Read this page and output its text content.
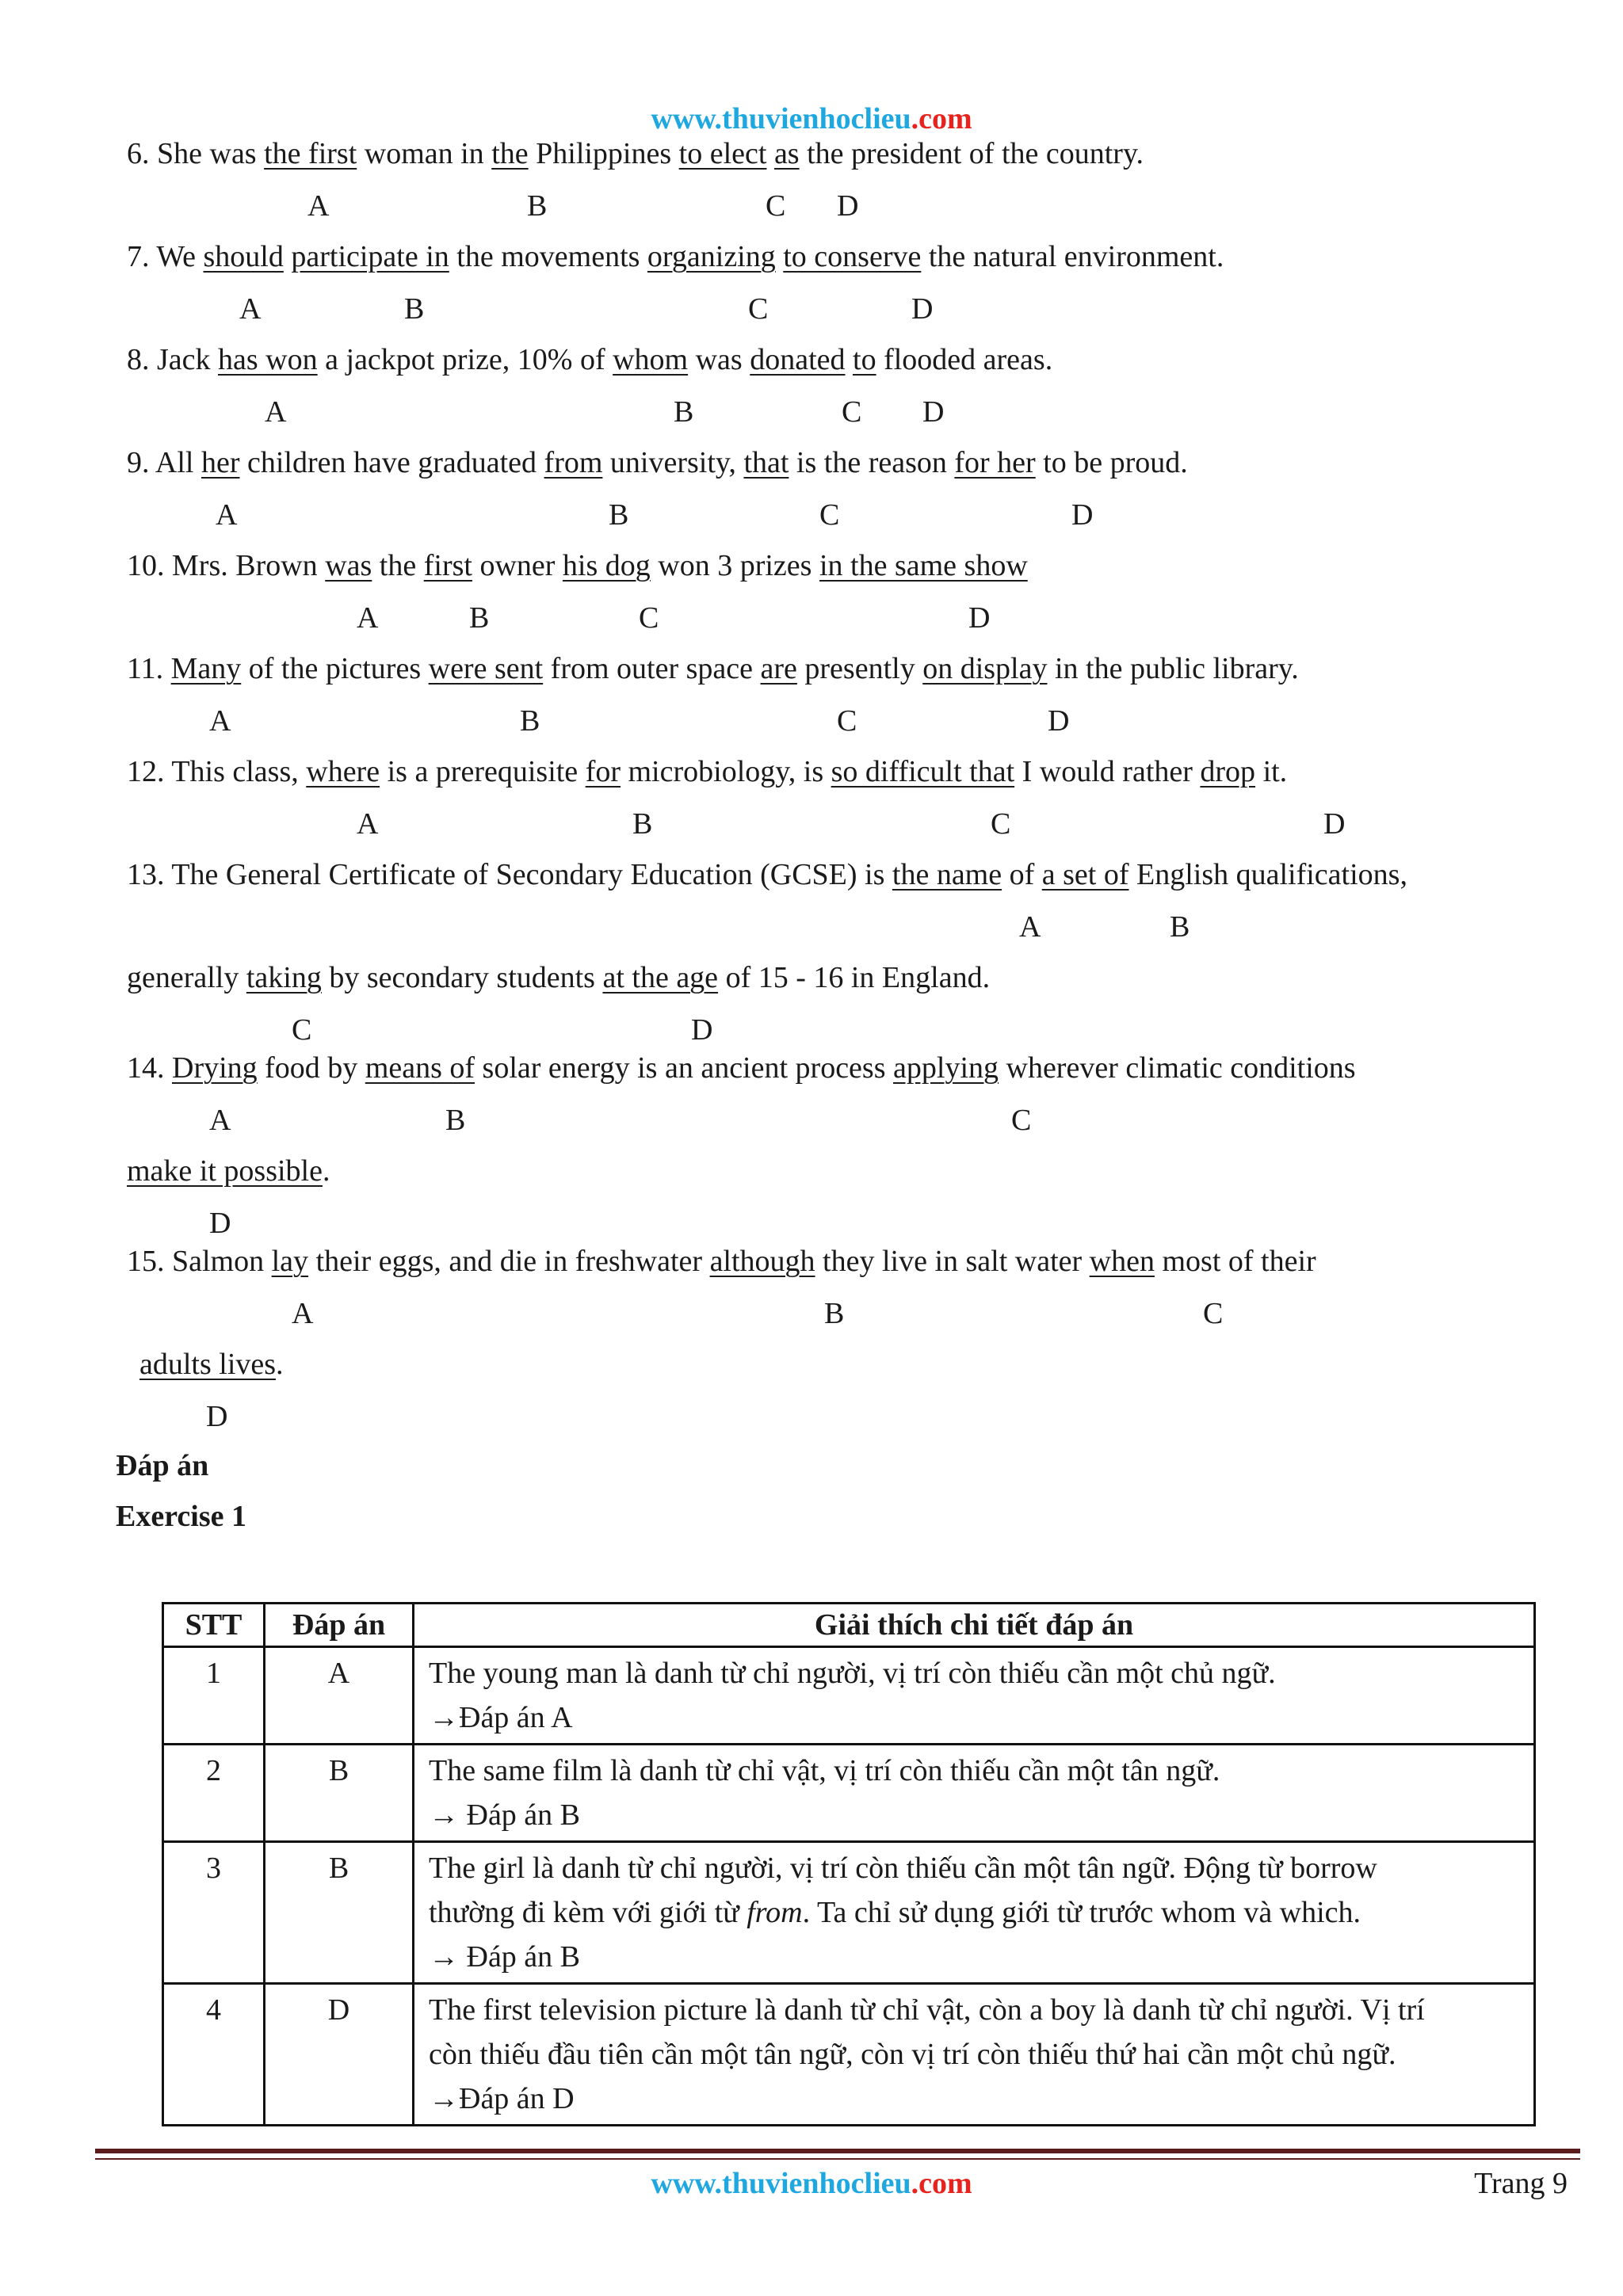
www.thuvienhoclieu.com
6. She was the first woman in the Philippines to elect as the president of the country.
A	B	C D
7. We should participate in the movements organizing to conserve the natural environment.
A	B	C	D
8. Jack has won a jackpot prize, 10% of whom was donated to flooded areas.
A	B	C D
9. All her children have graduated from university, that is the reason for her to be proud.
A	B	C	D
10. Mrs. Brown was the first owner his dog won 3 prizes in the same show
A	B	C	D
11. Many of the pictures were sent from outer space are presently on display in the public library.
A	B	C	D
12. This class, where is a prerequisite for microbiology, is so difficult that I would rather drop it.
A	B	C	D
13. The General Certificate of Secondary Education (GCSE) is the name of a set of English qualifications,
A	B
generally taking by secondary students at the age of 15 - 16 in England.
C	D
14. Drying food by means of solar energy is an ancient process applying wherever climatic conditions
A	B	C
make it possible.
D
15. Salmon lay their eggs, and die in freshwater although they live in salt water when most of their
A	B	C
adults lives.
D
Đáp án
Exercise 1
STT	Đáp án	Giải thích chi tiết đáp án
1	A	The young man là danh từ chỉ người, vị trí còn thiếu cần một chủ ngữ.
→Đáp án A

2	B	The same film là danh từ chỉ vật, vị trí còn thiếu cần một tân ngữ.
→ Đáp án B

3	B	The girl là danh từ chỉ người, vị trí còn thiếu cần một tân ngữ. Động từ borrow
thường đi kèm với giới từ from. Ta chỉ sử dụng giới từ trước whom và which.
→ Đáp án B

4	D	The first television picture là danh từ chỉ vật, còn a boy là danh từ chỉ người. Vị trí
còn thiếu đầu tiên cần một tân ngữ, còn vị trí còn thiếu thứ hai cần một chủ ngữ.
→Đáp án D
www.thuvienhoclieu.com	Trang 9
